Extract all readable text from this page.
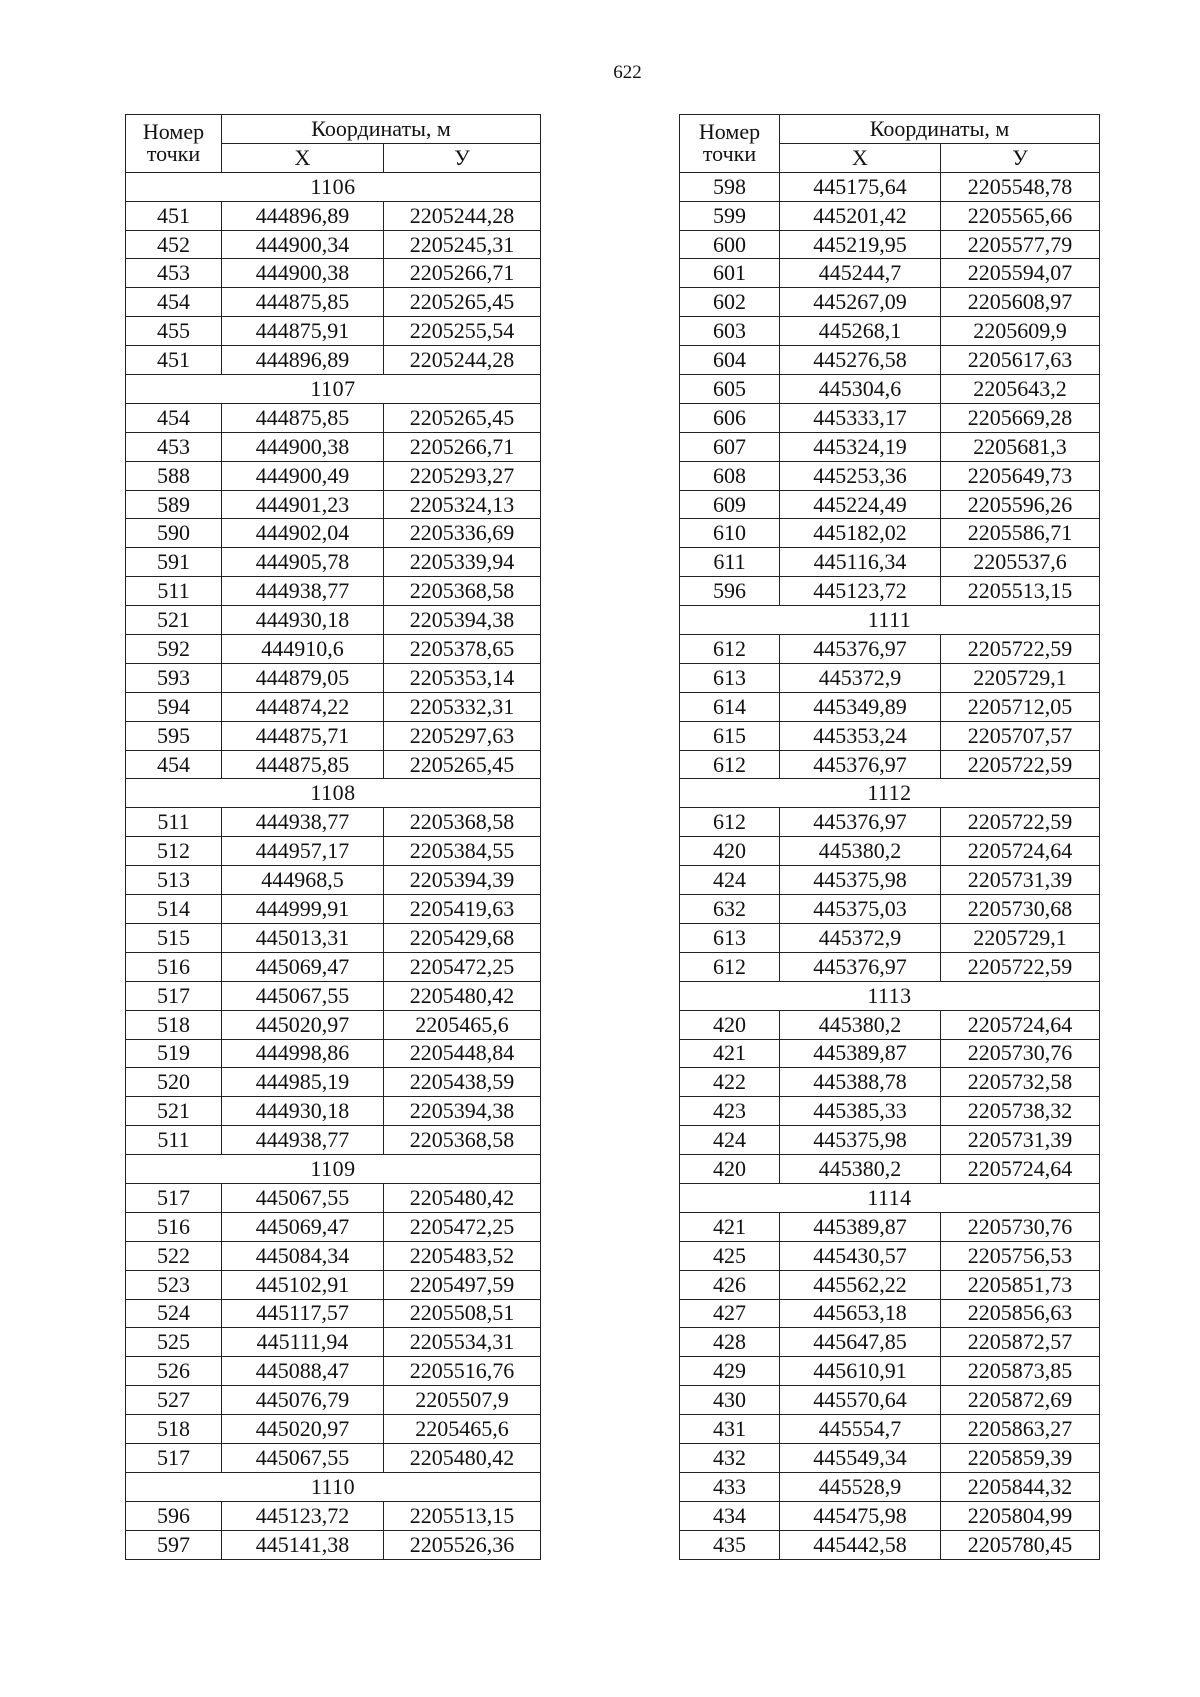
622
Номер
точки	Координаты, м	
	X	У
1106		
451	444896,89	2205244,28
452	444900,34	2205245,31
453	444900,38	2205266,71
454	444875,85	2205265,45
455	444875,91	2205255,54
451	444896,89	2205244,28
1107		
454	444875,85	2205265,45
453	444900,38	2205266,71
588	444900,49	2205293,27
589	444901,23	2205324,13
590	444902,04	2205336,69
591	444905,78	2205339,94
511	444938,77	2205368,58
521	444930,18	2205394,38
592	444910,6	2205378,65
593	444879,05	2205353,14
594	444874,22	2205332,31
595	444875,71	2205297,63
454	444875,85	2205265,45
1108		
511	444938,77	2205368,58
512	444957,17	2205384,55
513	444968,5	2205394,39
514	444999,91	2205419,63
515	445013,31	2205429,68
516	445069,47	2205472,25
517	445067,55	2205480,42
518	445020,97	2205465,6
519	444998,86	2205448,84
520	444985,19	2205438,59
521	444930,18	2205394,38
511	444938,77	2205368,58
1109		
517	445067,55	2205480,42
516	445069,47	2205472,25
522	445084,34	2205483,52
523	445102,91	2205497,59
524	445117,57	2205508,51
525	445111,94	2205534,31
526	445088,47	2205516,76
527	445076,79	2205507,9
518	445020,97	2205465,6
517	445067,55	2205480,42
1110		
596	445123,72	2205513,15
597	445141,38	2205526,36
Номер
точки	Координаты, м	
	X	У
598	445175,64	2205548,78
599	445201,42	2205565,66
600	445219,95	2205577,79
601	445244,7	2205594,07
602	445267,09	2205608,97
603	445268,1	2205609,9
604	445276,58	2205617,63
605	445304,6	2205643,2
606	445333,17	2205669,28
607	445324,19	2205681,3
608	445253,36	2205649,73
609	445224,49	2205596,26
610	445182,02	2205586,71
611	445116,34	2205537,6
596	445123,72	2205513,15
1111		
612	445376,97	2205722,59
613	445372,9	2205729,1
614	445349,89	2205712,05
615	445353,24	2205707,57
612	445376,97	2205722,59
1112		
612	445376,97	2205722,59
420	445380,2	2205724,64
424	445375,98	2205731,39
632	445375,03	2205730,68
613	445372,9	2205729,1
612	445376,97	2205722,59
1113		
420	445380,2	2205724,64
421	445389,87	2205730,76
422	445388,78	2205732,58
423	445385,33	2205738,32
424	445375,98	2205731,39
420	445380,2	2205724,64
1114		
421	445389,87	2205730,76
425	445430,57	2205756,53
426	445562,22	2205851,73
427	445653,18	2205856,63
428	445647,85	2205872,57
429	445610,91	2205873,85
430	445570,64	2205872,69
431	445554,7	2205863,27
432	445549,34	2205859,39
433	445528,9	2205844,32
434	445475,98	2205804,99
435	445442,58	2205780,45
